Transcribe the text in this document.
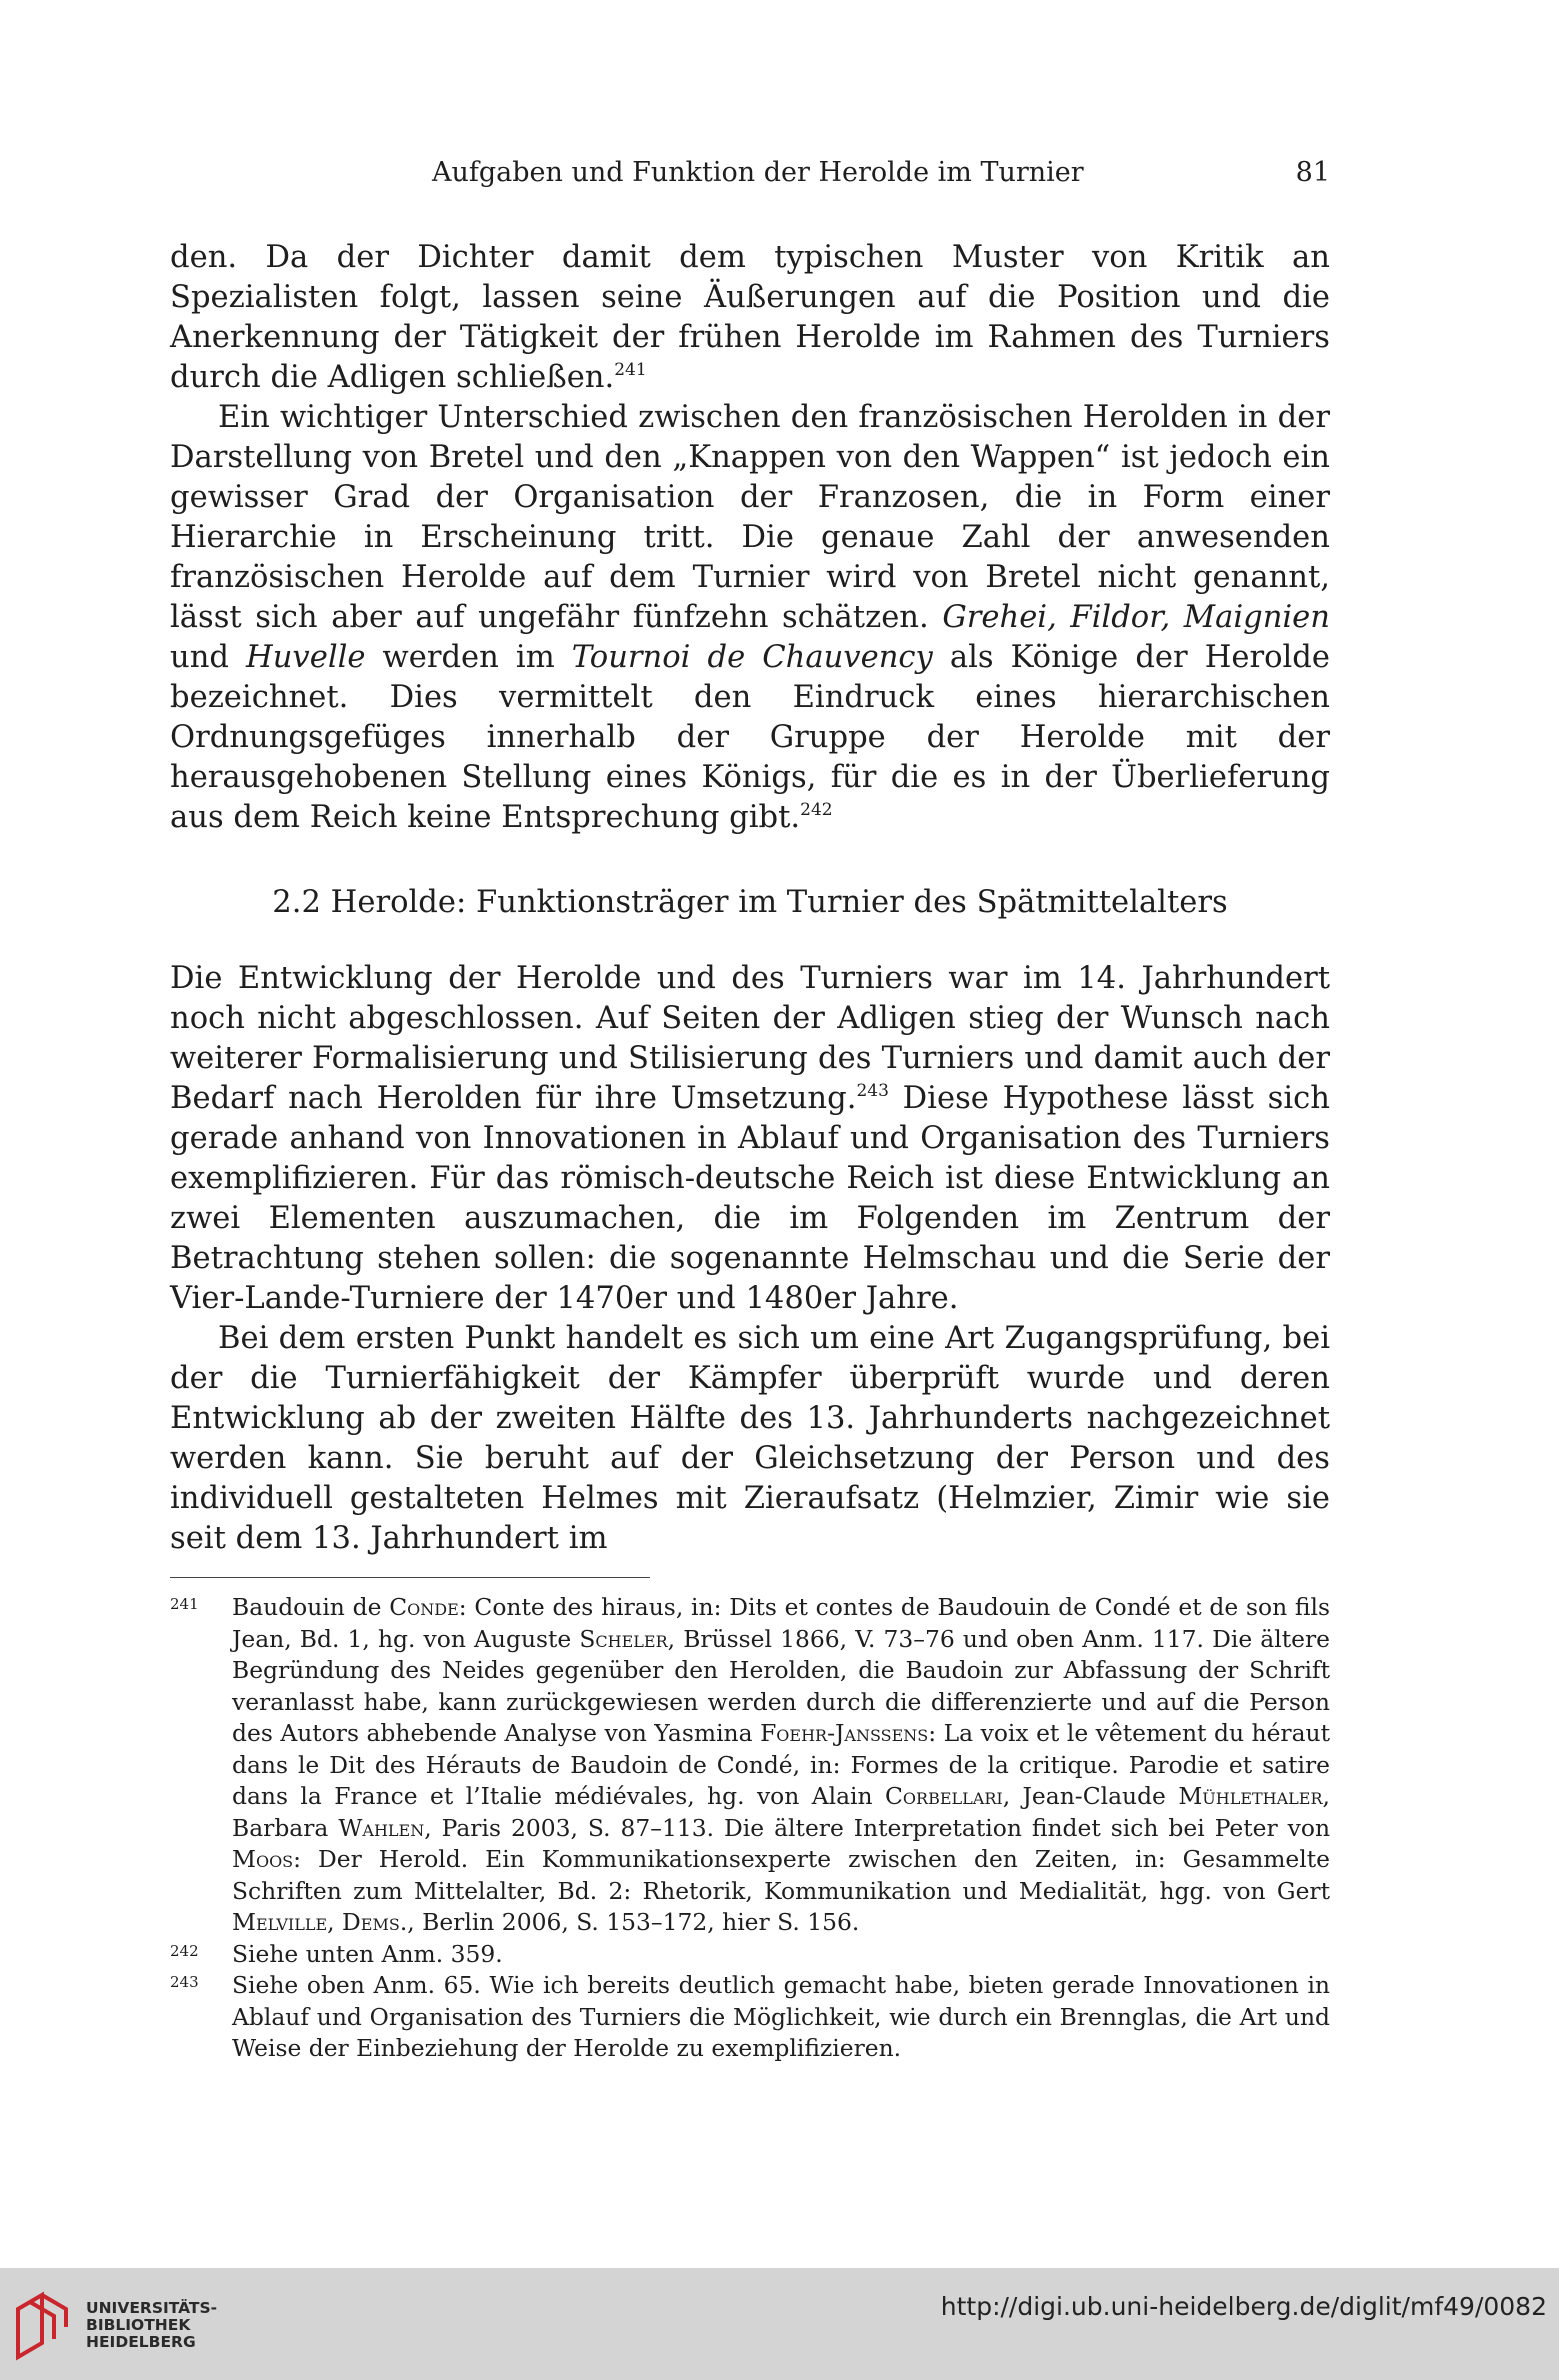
Aufgaben und Funktion der Herolde im Turnier	81

den. Da der Dichter damit dem typischen Muster von Kritik an Spezialisten folgt, lassen seine Äußerungen auf die Position und die Anerkennung der Tätigkeit der frühen Herolde im Rahmen des Turniers durch die Adligen schließen.$^{241}$

Ein wichtiger Unterschied zwischen den französischen Herolden in der Darstellung von Bretel und den „Knappen von den Wappen“ ist jedoch ein gewisser Grad der Organisation der Franzosen, die in Form einer Hierarchie in Erscheinung tritt. Die genaue Zahl der anwesenden französischen Herolde auf dem Turnier wird von Bretel nicht genannt, lässt sich aber auf ungefähr fünfzehn schätzen. Grehei, Fildor, Maignien und Huvelle werden im Tournoi de Chauvency als Könige der Herolde bezeichnet. Dies vermittelt den Eindruck eines hierarchischen Ordnungsgefüges innerhalb der Gruppe der Herolde mit der herausgehobenen Stellung eines Königs, für die es in der Überlieferung aus dem Reich keine Entsprechung gibt.$^{242}$

2.2 Herolde: Funktionsträger im Turnier des Spätmittelalters

Die Entwicklung der Herolde und des Turniers war im 14. Jahrhundert noch nicht abgeschlossen. Auf Seiten der Adligen stieg der Wunsch nach weiterer Formalisierung und Stilisierung des Turniers und damit auch der Bedarf nach Herolden für ihre Umsetzung.$^{243}$ Diese Hypothese lässt sich gerade anhand von Innovationen in Ablauf und Organisation des Turniers exemplifizieren. Für das römisch-deutsche Reich ist diese Entwicklung an zwei Elementen auszumachen, die im Folgenden im Zentrum der Betrachtung stehen sollen: die sogenannte Helmschau und die Serie der Vier-Lande-Turniere der 1470er und 1480er Jahre.

Bei dem ersten Punkt handelt es sich um eine Art Zugangsprüfung, bei der die Turnierfähigkeit der Kämpfer überprüft wurde und deren Entwicklung ab der zweiten Hälfte des 13. Jahrhunderts nachgezeichnet werden kann. Sie beruht auf der Gleichsetzung der Person und des individuell gestalteten Helmes mit Zieraufsatz (Helmzier, Zimir wie sie seit dem 13. Jahrhundert im

241 Baudouin de Conde: Conte des hiraus, in: Dits et contes de Baudouin de Condé et de son fils Jean, Bd. 1, hg. von Auguste Scheler, Brüssel 1866, V. 73–76 und oben Anm. 117. Die ältere Begründung des Neides gegenüber den Herolden, die Baudoin zur Abfassung der Schrift veranlasst habe, kann zurückgewiesen werden durch die differenzierte und auf die Person des Autors abhebende Analyse von Yasmina Foehr-Janssens: La voix et le vêtement du héraut dans le Dit des Hérauts de Baudoin de Condé, in: Formes de la critique. Parodie et satire dans la France et l’Italie médiévales, hg. von Alain Corbellari, Jean-Claude Mühlethaler, Barbara Wahlen, Paris 2003, S. 87–113. Die ältere Interpretation findet sich bei Peter von Moos: Der Herold. Ein Kommunikationsexperte zwischen den Zeiten, in: Gesammelte Schriften zum Mittelalter, Bd. 2: Rhetorik, Kommunikation und Medialität, hgg. von Gert Melville, Dems., Berlin 2006, S. 153–172, hier S. 156.
242 Siehe unten Anm. 359.
243 Siehe oben Anm. 65. Wie ich bereits deutlich gemacht habe, bieten gerade Innovationen in Ablauf und Organisation des Turniers die Möglichkeit, wie durch ein Brennglas, die Art und Weise der Einbeziehung der Herolde zu exemplifizieren.
UNIVERSITÄTS-
BIBLIOTHEK
HEIDELBERG
http://digi.ub.uni-heidelberg.de/diglit/mf49/0082
